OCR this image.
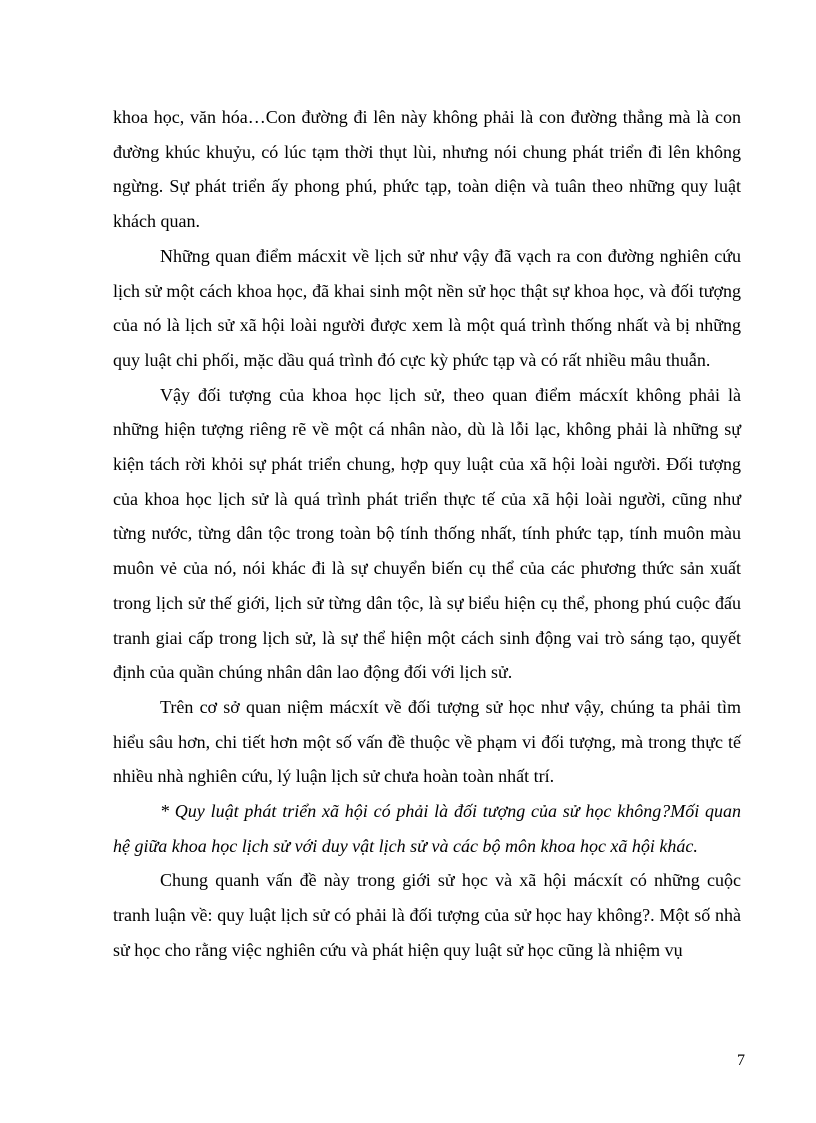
khoa học, văn hóa…Con đường đi lên này không phải là con đường thẳng mà là con đường khúc khuỷu, có lúc tạm thời thụt lùi, nhưng nói chung phát triển đi lên không ngừng. Sự phát triển ấy phong phú, phức tạp, toàn diện và tuân theo những quy luật khách quan.

Những quan điểm mácxit về lịch sử như vậy đã vạch ra con đường nghiên cứu lịch sử một cách khoa học, đã khai sinh một nền sử học thật sự khoa học, và đối tượng của nó là lịch sử xã hội loài người được xem là một quá trình thống nhất và bị những quy luật chi phối, mặc dầu quá trình đó cực kỳ phức tạp và có rất nhiều mâu thuẫn.

Vậy đối tượng của khoa học lịch sử, theo quan điểm mácxít không phải là những hiện tượng riêng rẽ về một cá nhân nào, dù là lỗi lạc, không phải là những sự kiện tách rời khỏi sự phát triển chung, hợp quy luật của xã hội loài người. Đối tượng của khoa học lịch sử là quá trình phát triển thực tế của xã hội loài người, cũng như từng nước, từng dân tộc trong toàn bộ tính thống nhất, tính phức tạp, tính muôn màu muôn vẻ của nó, nói khác đi là sự chuyển biến cụ thể của các phương thức sản xuất trong lịch sử thế giới, lịch sử từng dân tộc, là sự biểu hiện cụ thể, phong phú cuộc đấu tranh giai cấp trong lịch sử, là sự thể hiện một cách sinh động vai trò sáng tạo, quyết định của quần chúng nhân dân lao động đối với lịch sử.

Trên cơ sở quan niệm mácxít về đối tượng sử học như vậy, chúng ta phải tìm hiểu sâu hơn, chi tiết hơn một số vấn đề thuộc về phạm vi đối tượng, mà trong thực tế nhiều nhà nghiên cứu, lý luận lịch sử chưa hoàn toàn nhất trí.

* Quy luật phát triển xã hội có phải là đối tượng của sử học không?Mối quan hệ giữa khoa học lịch sử với duy vật lịch sử và các bộ môn khoa học xã hội khác.

Chung quanh vấn đề này trong giới sử học và xã hội mácxít có những cuộc tranh luận về: quy luật lịch sử có phải là đối tượng của sử học hay không?. Một số nhà sử học cho rằng việc nghiên cứu và phát hiện quy luật sử học cũng là nhiệm vụ

7
